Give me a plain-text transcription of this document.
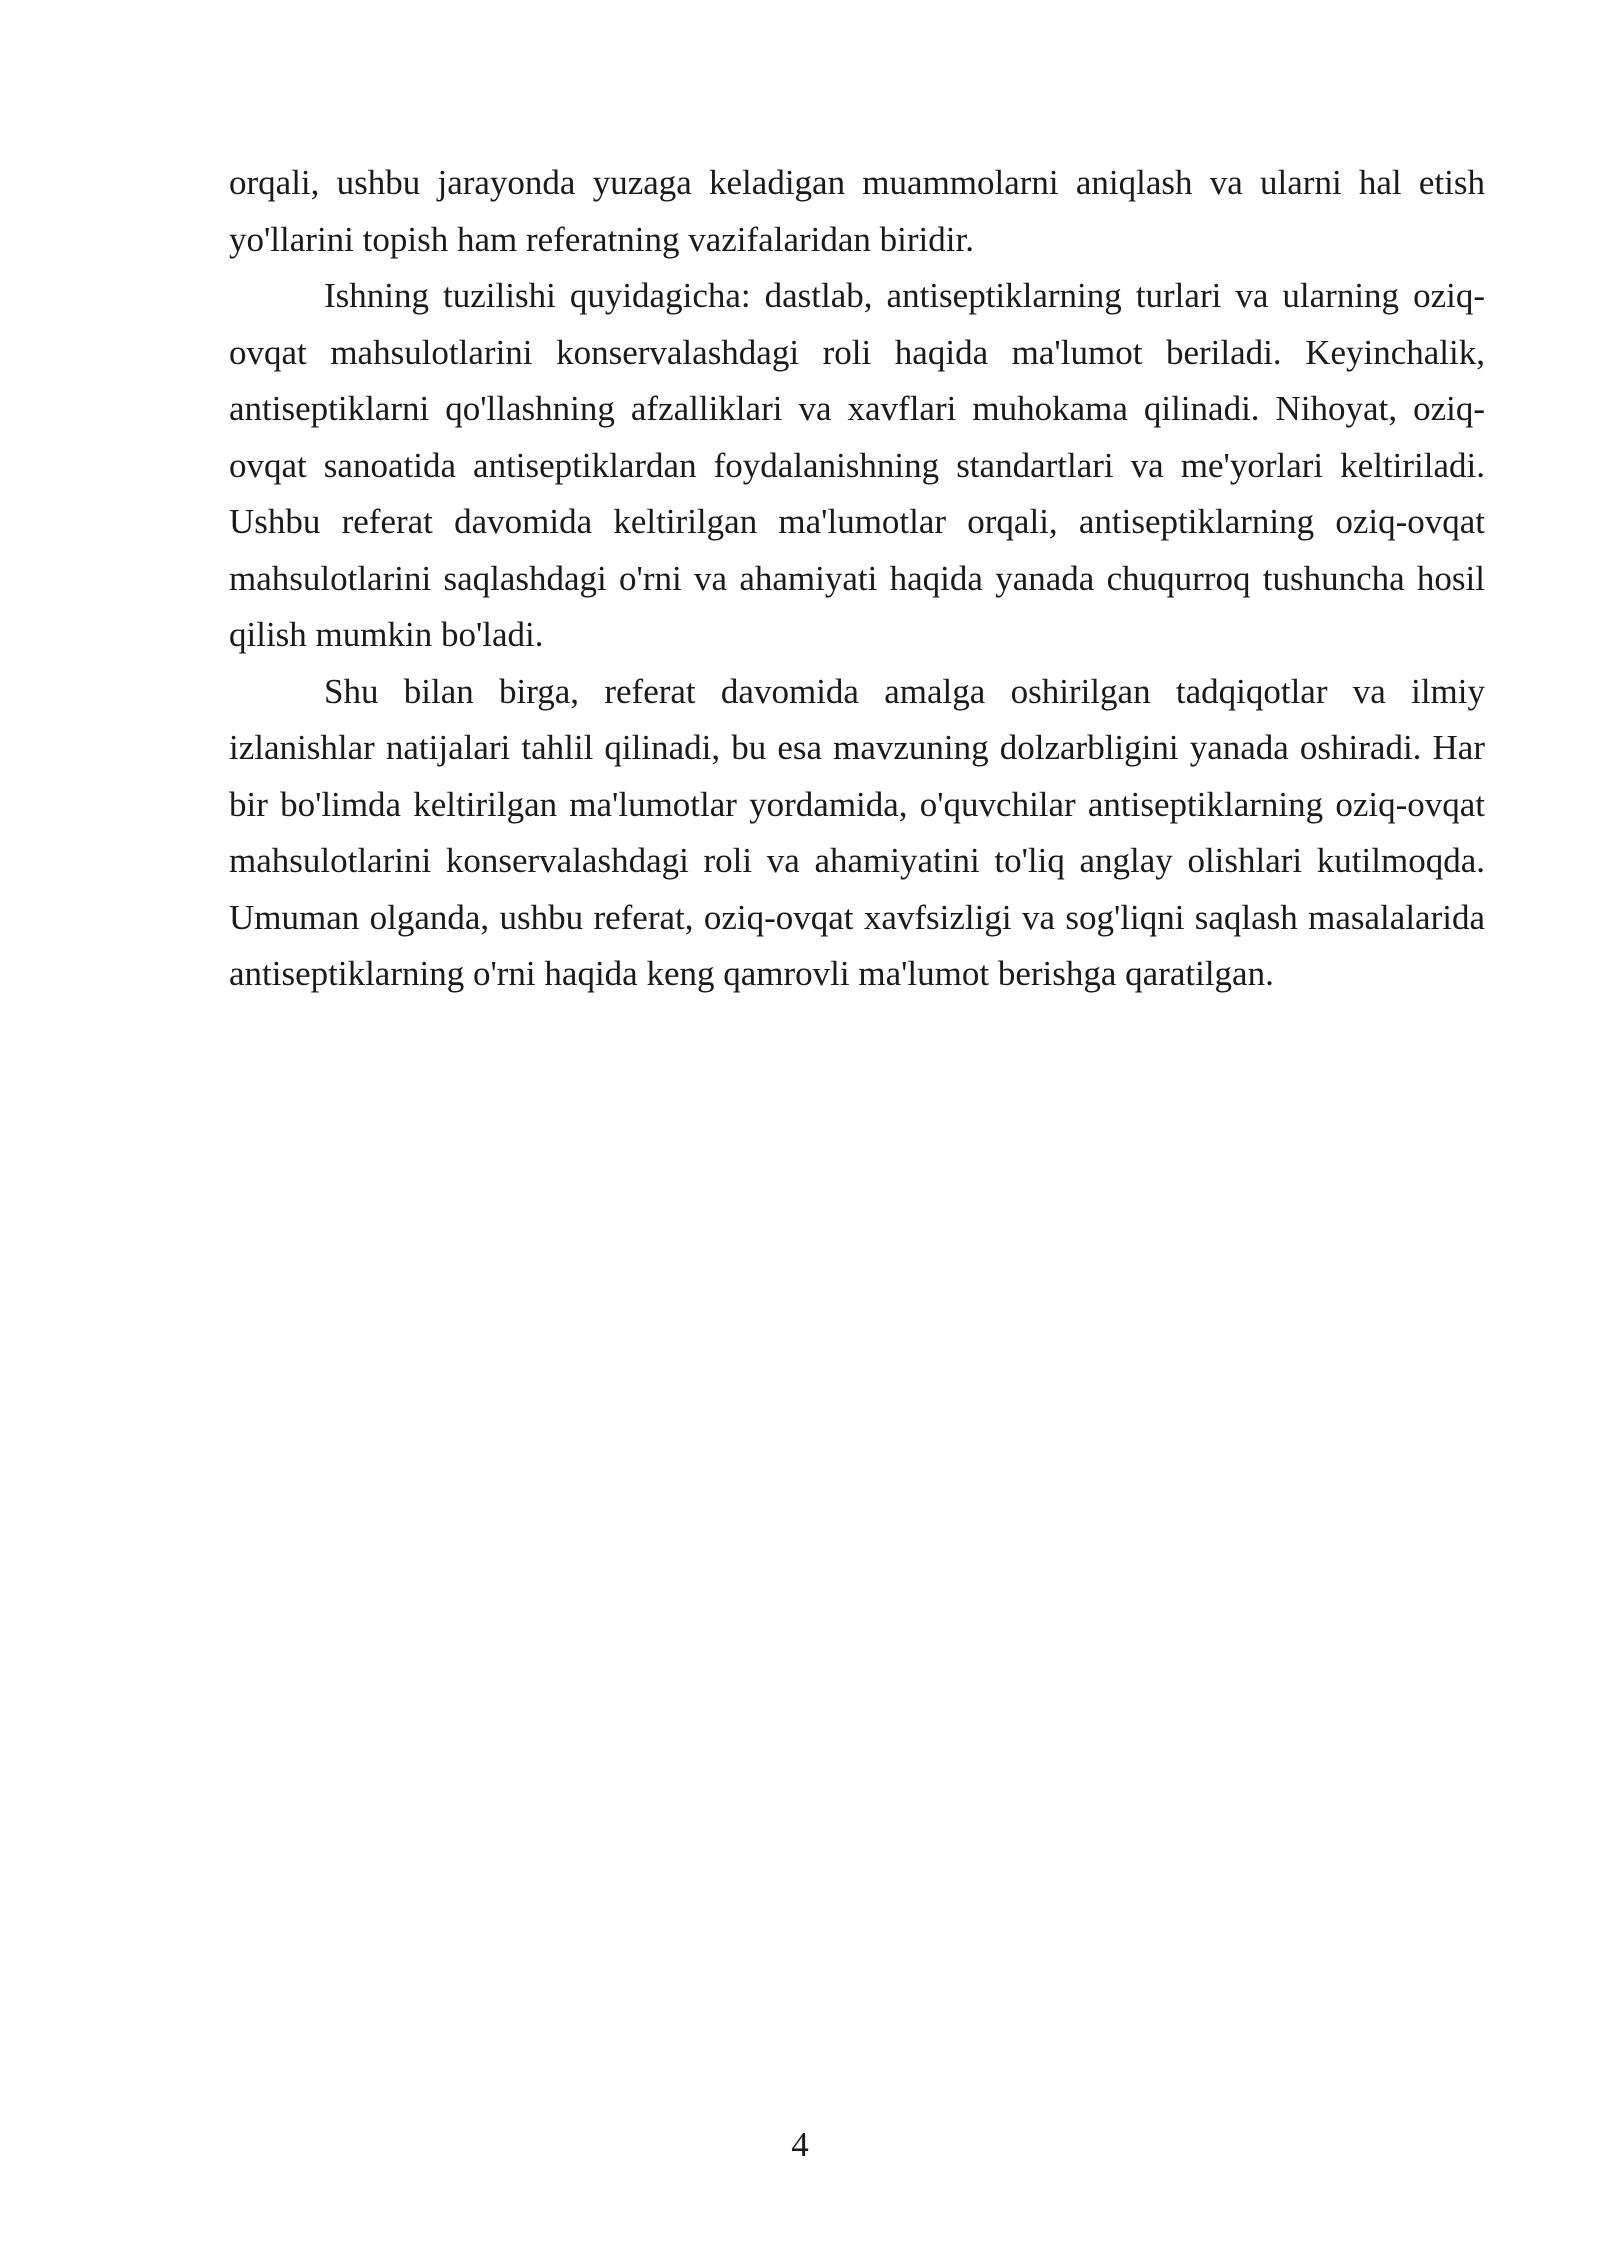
orqali, ushbu jarayonda yuzaga keladigan muammolarni aniqlash va ularni hal etish yo'llarini topish ham referatning vazifalaridan biridir.

Ishning tuzilishi quyidagicha: dastlab, antiseptiklarning turlari va ularning oziq-ovqat mahsulotlarini konservalashdagi roli haqida ma'lumot beriladi. Keyinchalik, antiseptiklarni qo'llashning afzalliklari va xavflari muhokama qilinadi. Nihoyat, oziq-ovqat sanoatida antiseptiklardan foydalanishning standartlari va me'yorlari keltiriladi. Ushbu referat davomida keltirilgan ma'lumotlar orqali, antiseptiklarning oziq-ovqat mahsulotlarini saqlashdagi o'rni va ahamiyati haqida yanada chuqurroq tushuncha hosil qilish mumkin bo'ladi.

Shu bilan birga, referat davomida amalga oshirilgan tadqiqotlar va ilmiy izlanishlar natijalari tahlil qilinadi, bu esa mavzuning dolzarbligini yanada oshiradi. Har bir bo'limda keltirilgan ma'lumotlar yordamida, o'quvchilar antiseptiklarning oziq-ovqat mahsulotlarini konservalashdagi roli va ahamiyatini to'liq anglay olishlari kutilmoqda. Umuman olganda, ushbu referat, oziq-ovqat xavfsizligi va sog'liqni saqlash masalalarida antiseptiklarning o'rni haqida keng qamrovli ma'lumot berishga qaratilgan.

4
